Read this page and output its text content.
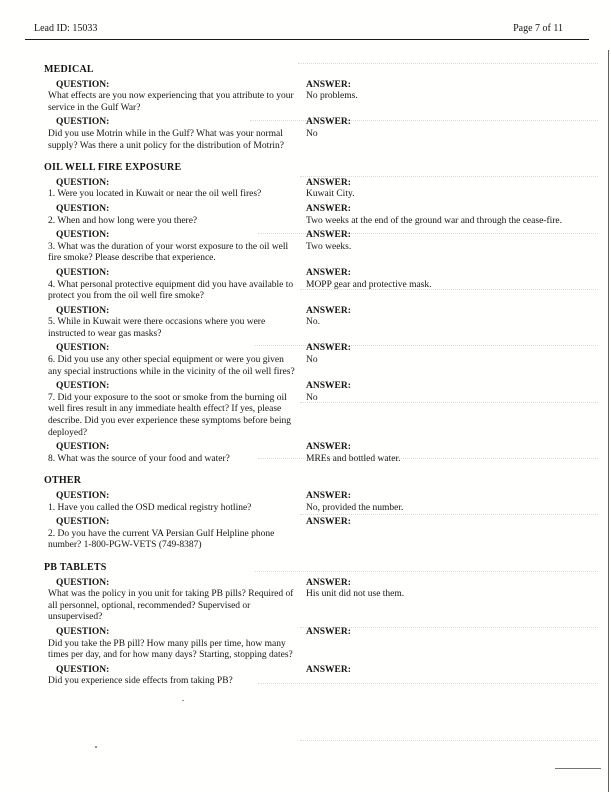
Lead ID: 15033	Page 7 of 11
MEDICAL
QUESTION:	ANSWER:
What effects are you now experiencing that you attribute to your service in the Gulf War?
No problems.
QUESTION:	ANSWER:
Did you use Motrin while in the Gulf? What was your normal supply? Was there a unit policy for the distribution of Motrin?
No
OIL WELL FIRE EXPOSURE
QUESTION:	ANSWER:
1. Were you located in Kuwait or near the oil well fires?	Kuwait City.
QUESTION:	ANSWER:
2. When and how long were you there?	Two weeks at the end of the ground war and through the cease-fire.
QUESTION:	ANSWER:
3. What was the duration of your worst exposure to the oil well fire smoke? Please describe that experience.
Two weeks.
QUESTION:	ANSWER:
4. What personal protective equipment did you have available to protect you from the oil well fire smoke?
MOPP gear and protective mask.
QUESTION:	ANSWER:
5. While in Kuwait were there occasions where you were instructed to wear gas masks?
No.
QUESTION:	ANSWER:
6. Did you use any other special equipment or were you given any special instructions while in the vicinity of the oil well fires?
No
QUESTION:	ANSWER:
7. Did your exposure to the soot or smoke from the burning oil well fires result in any immediate health effect? If yes, please describe. Did you ever experience these symptoms before being deployed?
No
QUESTION:	ANSWER:
8. What was the source of your food and water?	MREs and bottled water.
OTHER
QUESTION:	ANSWER:
1. Have you called the OSD medical registry hotline?	No, provided the number.
QUESTION:	ANSWER:
2. Do you have the current VA Persian Gulf Helpline phone number? 1-800-PGW-VETS (749-8387)
PB TABLETS
QUESTION:	ANSWER:
What was the policy in you unit for taking PB pills? Required of all personnel, optional, recommended? Supervised or unsupervised?
His unit did not use them.
QUESTION:	ANSWER:
Did you take the PB pill? How many pills per time, how many times per day, and for how many days? Starting, stopping dates?
QUESTION:	ANSWER:
Did you experience side effects from taking PB?
